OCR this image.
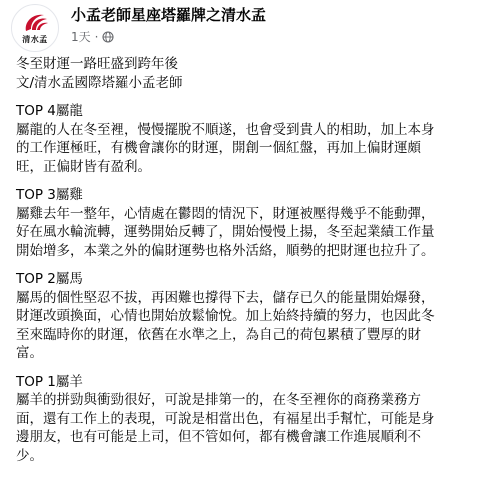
清水孟
小孟老師星座塔羅牌之清水孟
1天 ·
冬至財運一路旺盛到跨年後
文/清水孟國際塔羅小孟老師
TOP 4屬龍
屬龍的人在冬至裡，慢慢擺脫不順遂，也會受到貴人的相助，加上本身
的工作運極旺，有機會讓你的財運，開創一個紅盤，再加上偏財運頗
旺，正偏財皆有盈利。
TOP 3屬雞
屬雞去年一整年，心情處在鬱悶的情況下，財運被壓得幾乎不能動彈，
好在風水輪流轉，運勢開始反轉了，開始慢慢上揚，冬至起業績工作量
開始增多，本業之外的偏財運勢也格外活絡，順勢的把財運也拉升了。
TOP 2屬馬
屬馬的個性堅忍不拔，再困難也撐得下去，儲存已久的能量開始爆發，
財運改頭換面，心情也開始放鬆愉悅。加上始終持續的努力，也因此冬
至來臨時你的財運，依舊在水準之上，為自己的荷包累積了豐厚的財
富。
TOP 1屬羊
屬羊的拼勁與衝勁很好，可說是排第一的，在冬至裡你的商務業務方
面，還有工作上的表現，可說是相當出色，有福星出手幫忙，可能是身
邊朋友，也有可能是上司，但不管如何，都有機會讓工作進展順利不
少。
